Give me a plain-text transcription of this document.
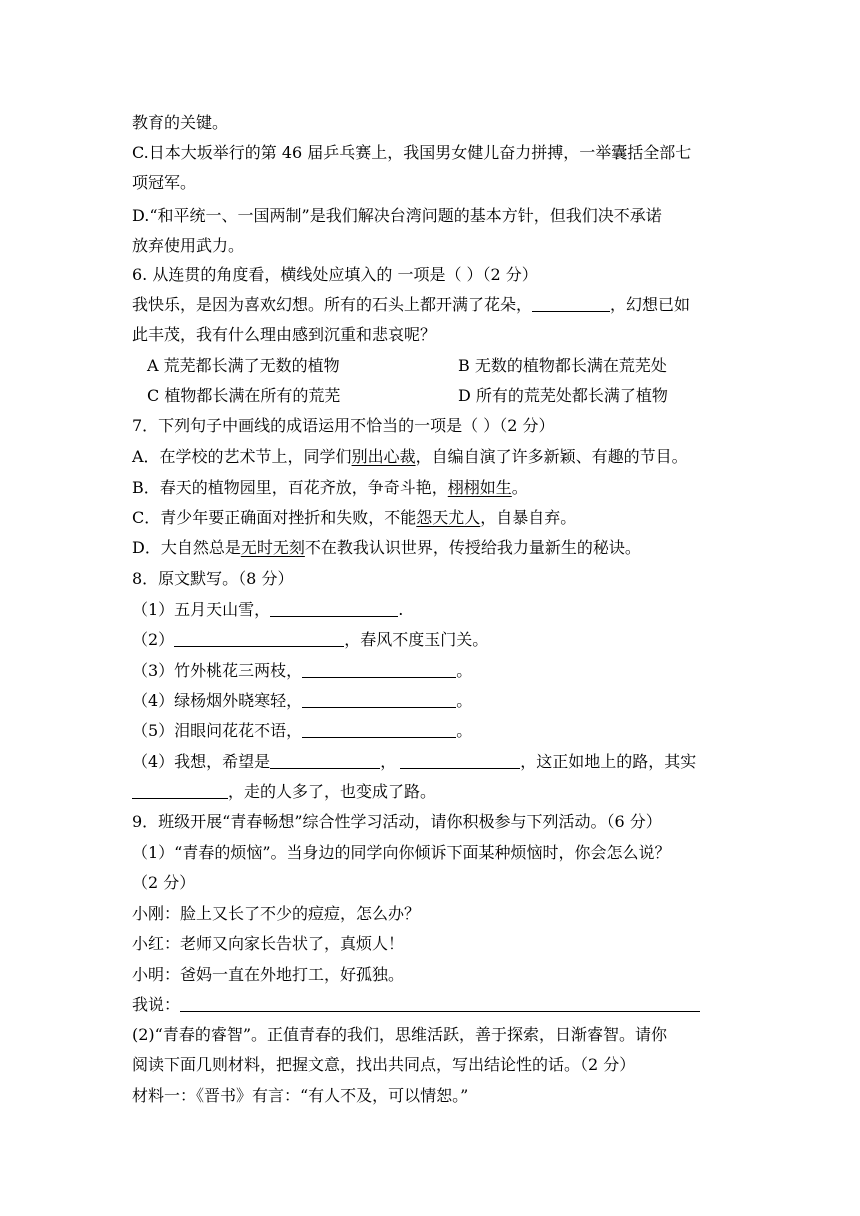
教育的关键。
C.日本大坂举行的第 46 届乒乓赛上，我国男女健儿奋力拼搏，一举囊括全部七
项冠军。
D.“和平统一、一国两制”是我们解决台湾问题的基本方针，但我们决不承诺
放弃使用武力。
6. 从连贯的角度看，横线处应填入的 一项是（ ）（2 分）
我快乐，是因为喜欢幻想。所有的石头上都开满了花朵，	，幻想已如
此丰茂，我有什么理由感到沉重和悲哀呢？
A 荒芜都长满了无数的植物	B 无数的植物都长满在荒芜处
C 植物都长满在所有的荒芜	D 所有的荒芜处都长满了植物
7．下列句子中画线的成语运用不恰当的一项是（ ）（2 分）
A．在学校的艺术节上，同学们别出心裁，自编自演了许多新颖、有趣的节目。
B．春天的植物园里，百花齐放，争奇斗艳，栩栩如生。
C．青少年要正确面对挫折和失败，不能怨天尤人，自暴自弃。
D．大自然总是无时无刻不在教我认识世界，传授给我力量新生的秘诀。
8．原文默写。（8 分）
（1）五月天山雪，	.
（2）	，春风不度玉门关。
（3）竹外桃花三两枝，	。
（4）绿杨烟外晓寒轻，	。
（5）泪眼问花花不语，	。
（4）我想，希望是	，	，这正如地上的路，其实
，走的人多了，也变成了路。
9．班级开展“青春畅想”综合性学习活动，请你积极参与下列活动。（6 分）
（1）“青春的烦恼”。当身边的同学向你倾诉下面某种烦恼时，你会怎么说？
（2 分）
小刚：脸上又长了不少的痘痘，怎么办？
小红：老师又向家长告状了，真烦人！
小明：爸妈一直在外地打工，好孤独。
我说：
(2)“青春的睿智”。正值青春的我们，思维活跃，善于探索，日渐睿智。请你
阅读下面几则材料，把握文意，找出共同点，写出结论性的话。（2 分）
材料一：《晋书》有言：“有人不及，可以情恕。”
